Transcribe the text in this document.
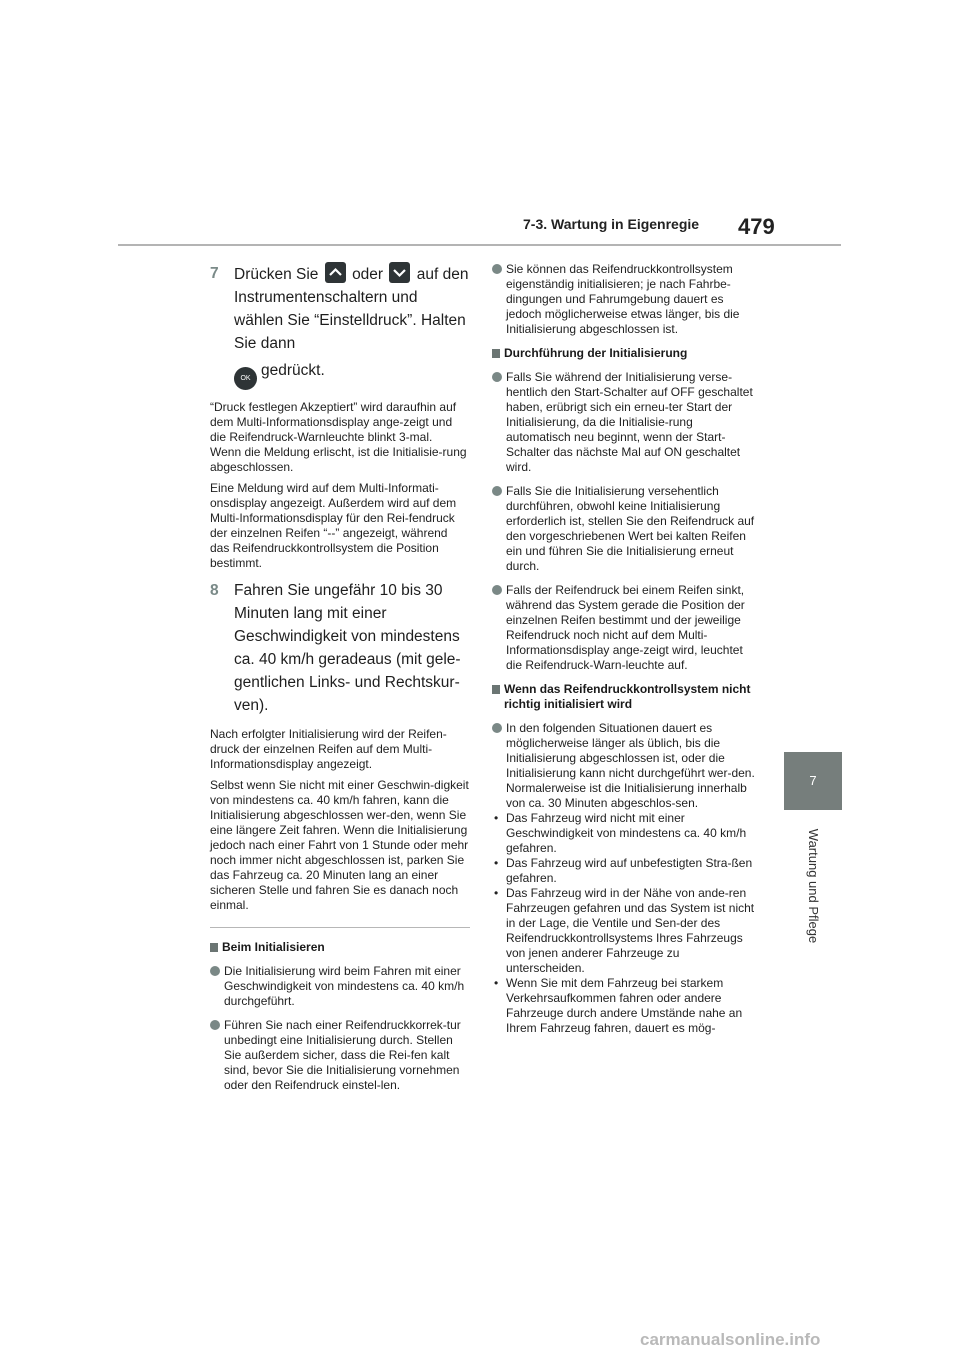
7-3. Wartung in Eigenregie 479
7
Wartung und Pflege
7 Drücken Sie oder auf den Instrumentenschaltern und wählen Sie “Einstelldruck”. Halten Sie dann
OK gedrückt.

“Druck festlegen Akzeptiert” wird daraufhin auf dem Multi-Informationsdisplay ange-zeigt und die Reifendruck-Warnleuchte blinkt 3-mal.

Wenn die Meldung erlischt, ist die Initialisie-rung abgeschlossen.

Eine Meldung wird auf dem Multi-Informati-onsdisplay angezeigt. Außerdem wird auf dem Multi-Informationsdisplay für den Rei-fendruck der einzelnen Reifen “--” angezeigt, während das Reifendruckkontrollsystem die Position bestimmt.

8 Fahren Sie ungefähr 10 bis 30 Minuten lang mit einer Geschwindigkeit von mindestens ca. 40 km/h geradeaus (mit gele-gentlichen Links- und Rechtskur-ven).

Nach erfolgter Initialisierung wird der Reifen-druck der einzelnen Reifen auf dem Multi-Informationsdisplay angezeigt.

Selbst wenn Sie nicht mit einer Geschwin-digkeit von mindestens ca. 40 km/h fahren, kann die Initialisierung abgeschlossen wer-den, wenn Sie eine längere Zeit fahren. Wenn die Initialisierung jedoch nach einer Fahrt von 1 Stunde oder mehr noch immer nicht abgeschlossen ist, parken Sie das Fahrzeug ca. 20 Minuten lang an einer sicheren Stelle und fahren Sie es danach noch einmal.

Beim Initialisieren
Die Initialisierung wird beim Fahren mit einer Geschwindigkeit von mindestens ca. 40 km/h durchgeführt.
Führen Sie nach einer Reifendruckkorrek-tur unbedingt eine Initialisierung durch. Stellen Sie außerdem sicher, dass die Rei-fen kalt sind, bevor Sie die Initialisierung vornehmen oder den Reifendruck einstel-len.
Sie können das Reifendruckkontrollsystem eigenständig initialisieren; je nach Fahrbe-dingungen und Fahrumgebung dauert es jedoch möglicherweise etwas länger, bis die Initialisierung abgeschlossen ist.
Durchführung der Initialisierung
Falls Sie während der Initialisierung verse-hentlich den Start-Schalter auf OFF geschaltet haben, erübrigt sich ein erneu-ter Start der Initialisierung, da die Initialisie-rung automatisch neu beginnt, wenn der Start-Schalter das nächste Mal auf ON geschaltet wird.
Falls Sie die Initialisierung versehentlich durchführen, obwohl keine Initialisierung erforderlich ist, stellen Sie den Reifendruck auf den vorgeschriebenen Wert bei kalten Reifen ein und führen Sie die Initialisierung erneut durch.
Falls der Reifendruck bei einem Reifen sinkt, während das System gerade die Position der einzelnen Reifen bestimmt und der jeweilige Reifendruck noch nicht auf dem Multi-Informationsdisplay ange-zeigt wird, leuchtet die Reifendruck-Warn-leuchte auf.
Wenn das Reifendruckkontrollsystem nicht richtig initialisiert wird
In den folgenden Situationen dauert es möglicherweise länger als üblich, bis die Initialisierung abgeschlossen ist, oder die Initialisierung kann nicht durchgeführt wer-den. Normalerweise ist die Initialisierung innerhalb von ca. 30 Minuten abgeschlos-sen.
• Das Fahrzeug wird nicht mit einer Geschwindigkeit von mindestens ca. 40 km/h gefahren.
• Das Fahrzeug wird auf unbefestigten Stra-ßen gefahren.
• Das Fahrzeug wird in der Nähe von ande-ren Fahrzeugen gefahren und das System ist nicht in der Lage, die Ventile und Sen-der des Reifendruckkontrollsystems Ihres Fahrzeugs von jenen anderer Fahrzeuge zu unterscheiden.
• Wenn Sie mit dem Fahrzeug bei starkem Verkehrsaufkommen fahren oder andere Fahrzeuge durch andere Umstände nahe an Ihrem Fahrzeug fahren, dauert es mög-
carmanualsonline.info
